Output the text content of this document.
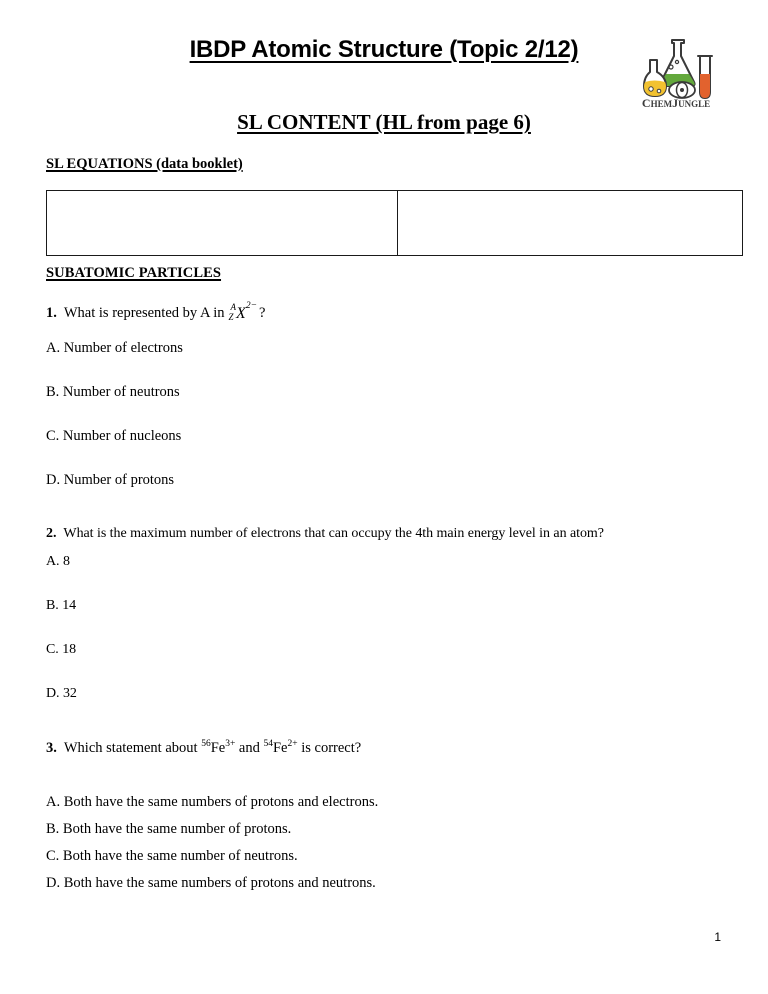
IBDP Atomic Structure (Topic 2/12)
CHEMJUNGLE
SL CONTENT (HL from page 6)
SL EQUATIONS (data booklet)

SUBATOMIC PARTICLES
1. What is represented by A in A
Z $X^{2-}$ ?
A. Number of electrons
B. Number of neutrons
C. Number of nucleons
D. Number of protons
2. What is the maximum number of electrons that can occupy the 4th main energy level in an atom?
A. 8
B. 14
C. 18
D. 32
3. Which statement about $^{56}Fe^{3+}$ and $^{54}Fe^{2+}$ is correct?
A. Both have the same numbers of protons and electrons.
B. Both have the same number of protons.
C. Both have the same number of neutrons.
D. Both have the same numbers of protons and neutrons.
1
